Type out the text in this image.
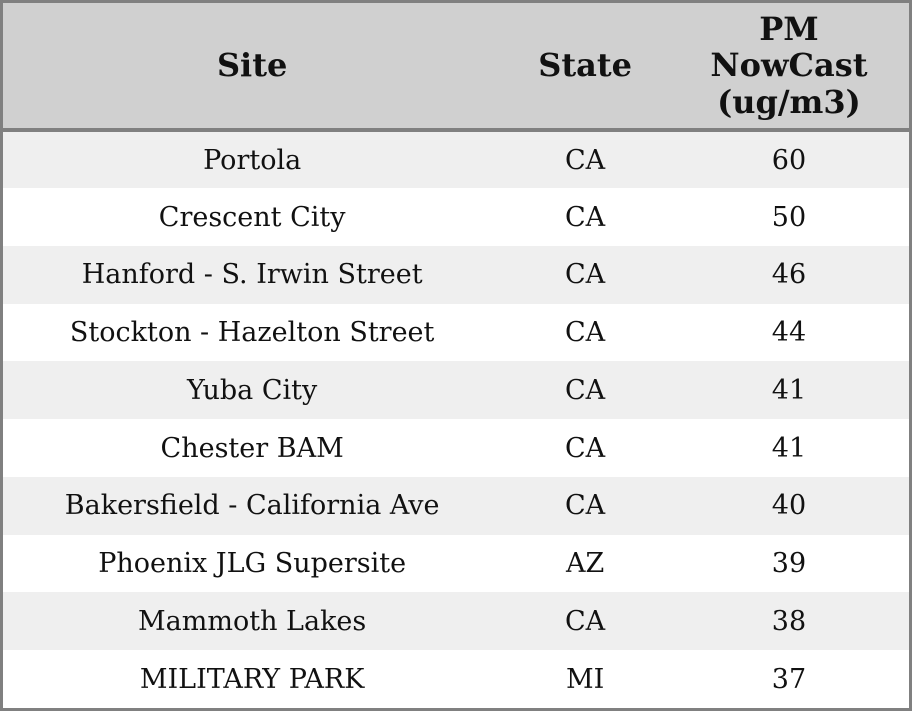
Site	State	PM NowCast (ug/m3)
Portola	CA	60
Crescent City	CA	50
Hanford - S. Irwin Street	CA	46
Stockton - Hazelton Street	CA	44
Yuba City	CA	41
Chester BAM	CA	41
Bakersfield - California Ave	CA	40
Phoenix JLG Supersite	AZ	39
Mammoth Lakes	CA	38
MILITARY PARK	MI	37
